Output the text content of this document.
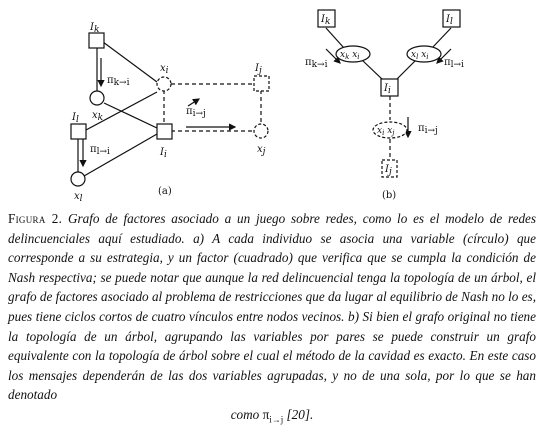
Ik
xk
Il
xl
xi
Ii
Ij
xj
πk→i
πl→i
πi→j
(a)
Ik	Il
$x_k$ $x_i$	$x_l$ $x_i$
Ii
$x_i$ $x_j$
Ij
πk→i	πl→i
πi→j
(b)
Figura 2. Grafo de factores asociado a un juego sobre redes, como lo es el modelo de redes delincuenciales aquí estudiado. a) A cada individuo se asocia una variable (círculo) que corresponde a su estrategia, y un factor (cuadrado) que verifica que se cumpla la condición de Nash respectiva; se puede notar que aunque la red delincuencial tenga la topología de un árbol, el grafo de factores asociado al problema de restricciones que da lugar al equilibrio de Nash no lo es, pues tiene ciclos cortos de cuatro vínculos entre nodos vecinos. b) Si bien el grafo original no tiene la topología de un árbol, agrupando las variables por pares se puede construir un grafo equivalente con la topología de árbol sobre el cual el método de la cavidad es exacto. En este caso los mensajes dependerán de las dos variables agrupadas, y no de una sola, por lo que se han denotado
como $\pi_{i\to j}$ [20].
